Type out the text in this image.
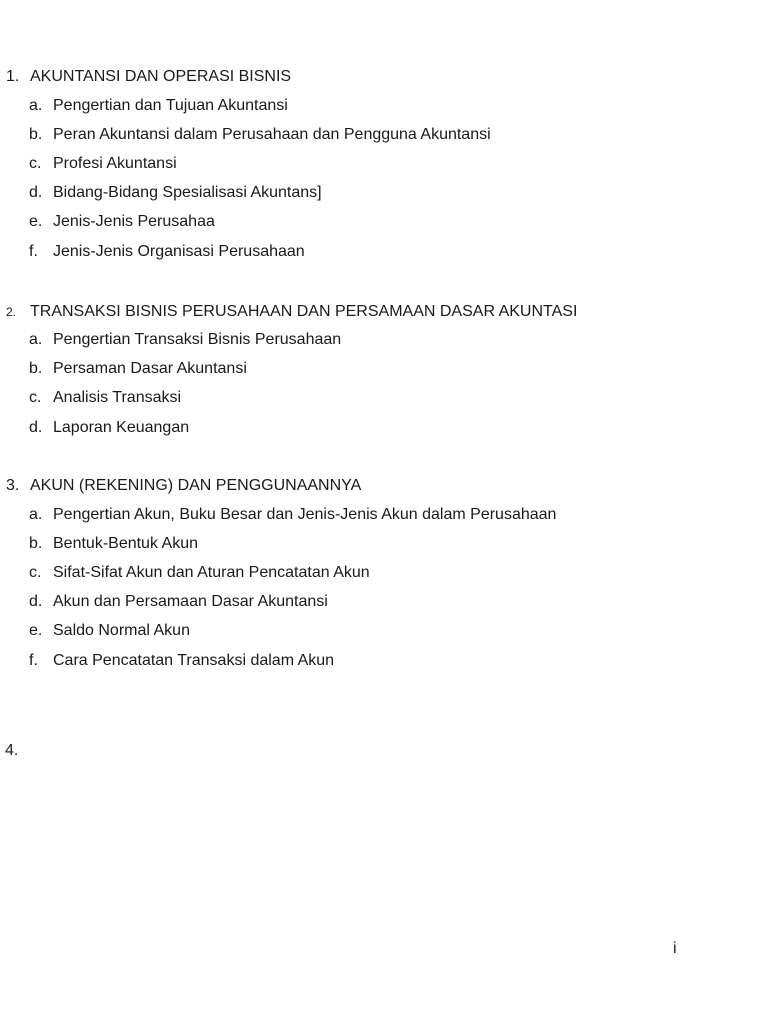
1. AKUNTANSI DAN OPERASI BISNIS
a. Pengertian dan Tujuan Akuntansi
b. Peran Akuntansi dalam Perusahaan dan Pengguna Akuntansi
c. Profesi Akuntansi
d. Bidang-Bidang Spesialisasi Akuntans]
e. Jenis-Jenis Perusahaa
f. Jenis-Jenis Organisasi Perusahaan
2. TRANSAKSI BISNIS PERUSAHAAN DAN PERSAMAAN DASAR AKUNTASI
a. Pengertian Transaksi Bisnis Perusahaan
b. Persaman Dasar Akuntansi
c. Analisis Transaksi
d. Laporan Keuangan
3. AKUN (REKENING) DAN PENGGUNAANNYA
a. Pengertian Akun, Buku Besar dan Jenis-Jenis Akun dalam Perusahaan
b. Bentuk-Bentuk Akun
c. Sifat-Sifat Akun dan Aturan Pencatatan Akun
d. Akun dan Persamaan Dasar Akuntansi
e. Saldo Normal Akun
f. Cara Pencatatan Transaksi dalam Akun
4.
i
